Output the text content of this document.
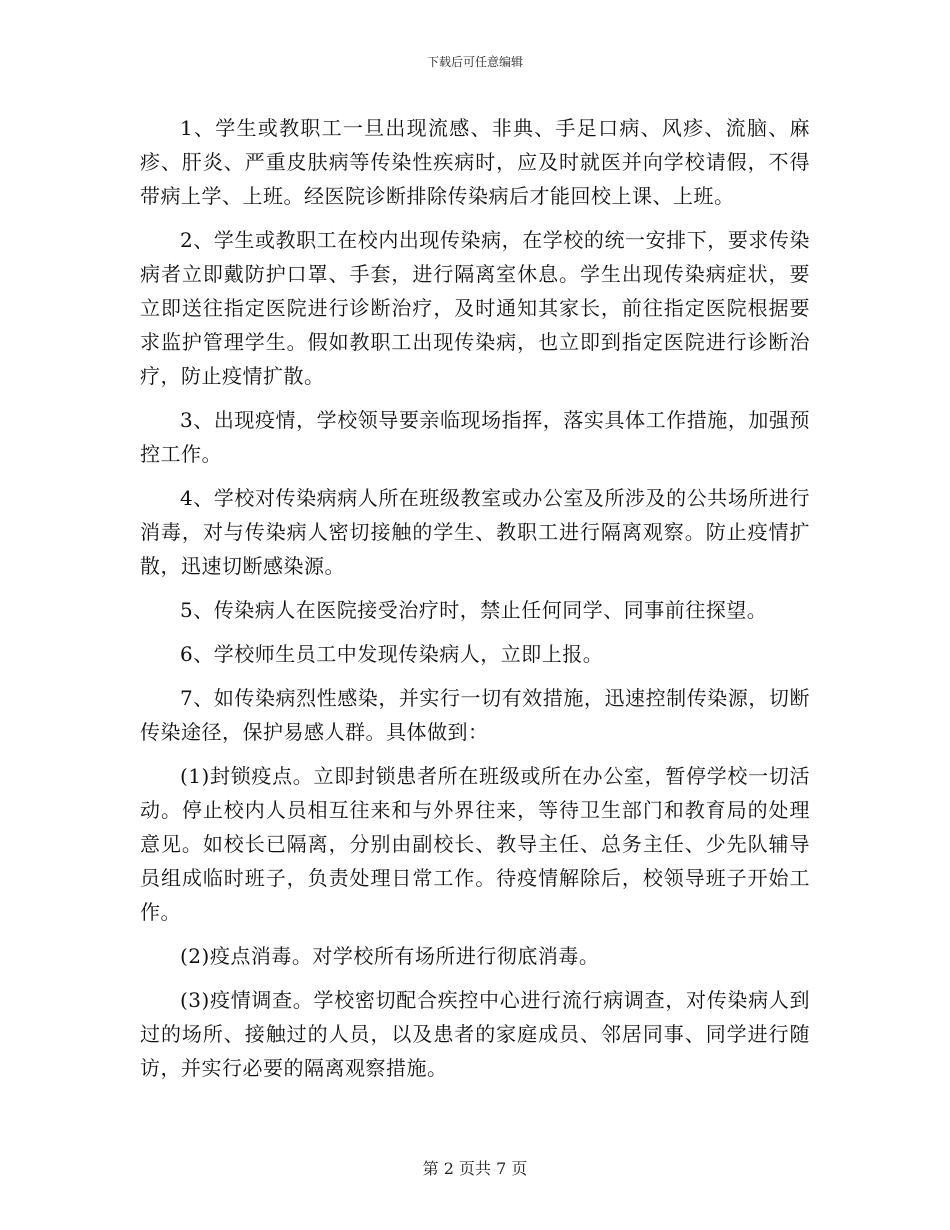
下载后可任意编辑

1、学生或教职工一旦出现流感、非典、手足口病、风疹、流脑、麻疹、肝炎、严重皮肤病等传染性疾病时，应及时就医并向学校请假，不得带病上学、上班。经医院诊断排除传染病后才能回校上课、上班。

2、学生或教职工在校内出现传染病，在学校的统一安排下，要求传染病者立即戴防护口罩、手套，进行隔离室休息。学生出现传染病症状，要立即送往指定医院进行诊断治疗，及时通知其家长，前往指定医院根据要求监护管理学生。假如教职工出现传染病，也立即到指定医院进行诊断治疗，防止疫情扩散。

3、出现疫情，学校领导要亲临现场指挥，落实具体工作措施，加强预控工作。

4、学校对传染病病人所在班级教室或办公室及所涉及的公共场所进行消毒，对与传染病人密切接触的学生、教职工进行隔离观察。防止疫情扩散，迅速切断感染源。

5、传染病人在医院接受治疗时，禁止任何同学、同事前往探望。

6、学校师生员工中发现传染病人，立即上报。

7、如传染病烈性感染，并实行一切有效措施，迅速控制传染源，切断传染途径，保护易感人群。具体做到：

(1)封锁疫点。立即封锁患者所在班级或所在办公室，暂停学校一切活动。停止校内人员相互往来和与外界往来，等待卫生部门和教育局的处理意见。如校长已隔离，分别由副校长、教导主任、总务主任、少先队辅导员组成临时班子，负责处理日常工作。待疫情解除后，校领导班子开始工作。

(2)疫点消毒。对学校所有场所进行彻底消毒。

(3)疫情调查。学校密切配合疾控中心进行流行病调查，对传染病人到过的场所、接触过的人员，以及患者的家庭成员、邻居同事、同学进行随访，并实行必要的隔离观察措施。

第 2 页共 7 页
